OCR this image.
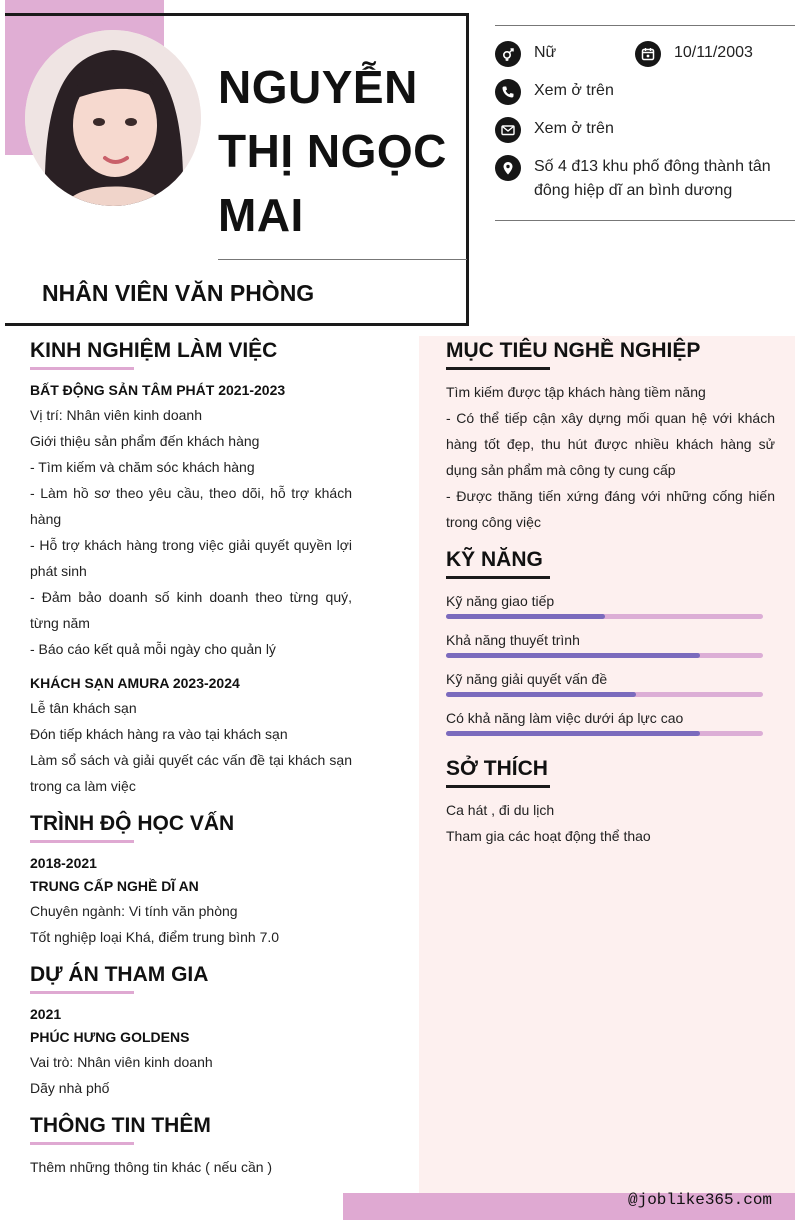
NGUYỄN THỊ NGỌC MAI
NHÂN VIÊN VĂN PHÒNG
Nữ	10/11/2003
Xem ở trên
Xem ở trên
Số 4 đ13 khu phố đông thành tân đông hiệp dĩ an bình dương
KINH NGHIỆM LÀM VIỆC
BẤT ĐỘNG SẢN TÂM PHÁT 2021-2023
Vị trí: Nhân viên kinh doanh
Giới thiệu sản phẩm đến khách hàng
- Tìm kiếm và chăm sóc khách hàng
- Làm hồ sơ theo yêu cầu, theo dõi, hỗ trợ khách hàng
- Hỗ trợ khách hàng trong việc giải quyết quyền lợi phát sinh
- Đảm bảo doanh số kinh doanh theo từng quý, từng năm
- Báo cáo kết quả mỗi ngày cho quản lý
KHÁCH SẠN AMURA 2023-2024
Lễ tân khách sạn
Đón tiếp khách hàng ra vào tại khách sạn
Làm sổ sách và giải quyết các vấn đề tại khách sạn trong ca làm việc
TRÌNH ĐỘ HỌC VẤN
2018-2021
TRUNG CẤP NGHỀ DĨ AN
Chuyên ngành: Vi tính văn phòng
Tốt nghiệp loại Khá, điểm trung bình 7.0
DỰ ÁN THAM GIA
2021
PHÚC HƯNG GOLDENS
Vai trò: Nhân viên kinh doanh
Dãy nhà phố
THÔNG TIN THÊM
Thêm những thông tin khác ( nếu cần )
MỤC TIÊU NGHỀ NGHIỆP
Tìm kiếm được tập khách hàng tiềm năng
- Có thể tiếp cận xây dựng mối quan hệ với khách hàng tốt đẹp, thu hút được nhiều khách hàng sử dụng sản phẩm mà công ty cung cấp
- Được thăng tiến xứng đáng với những cống hiến trong công việc
KỸ NĂNG
Kỹ năng giao tiếp
Khả năng thuyết trình
Kỹ năng giải quyết vấn đề
Có khả năng làm việc dưới áp lực cao
SỞ THÍCH
Ca hát , đi du lịch
Tham gia các hoạt động thể thao
@joblike365.com
